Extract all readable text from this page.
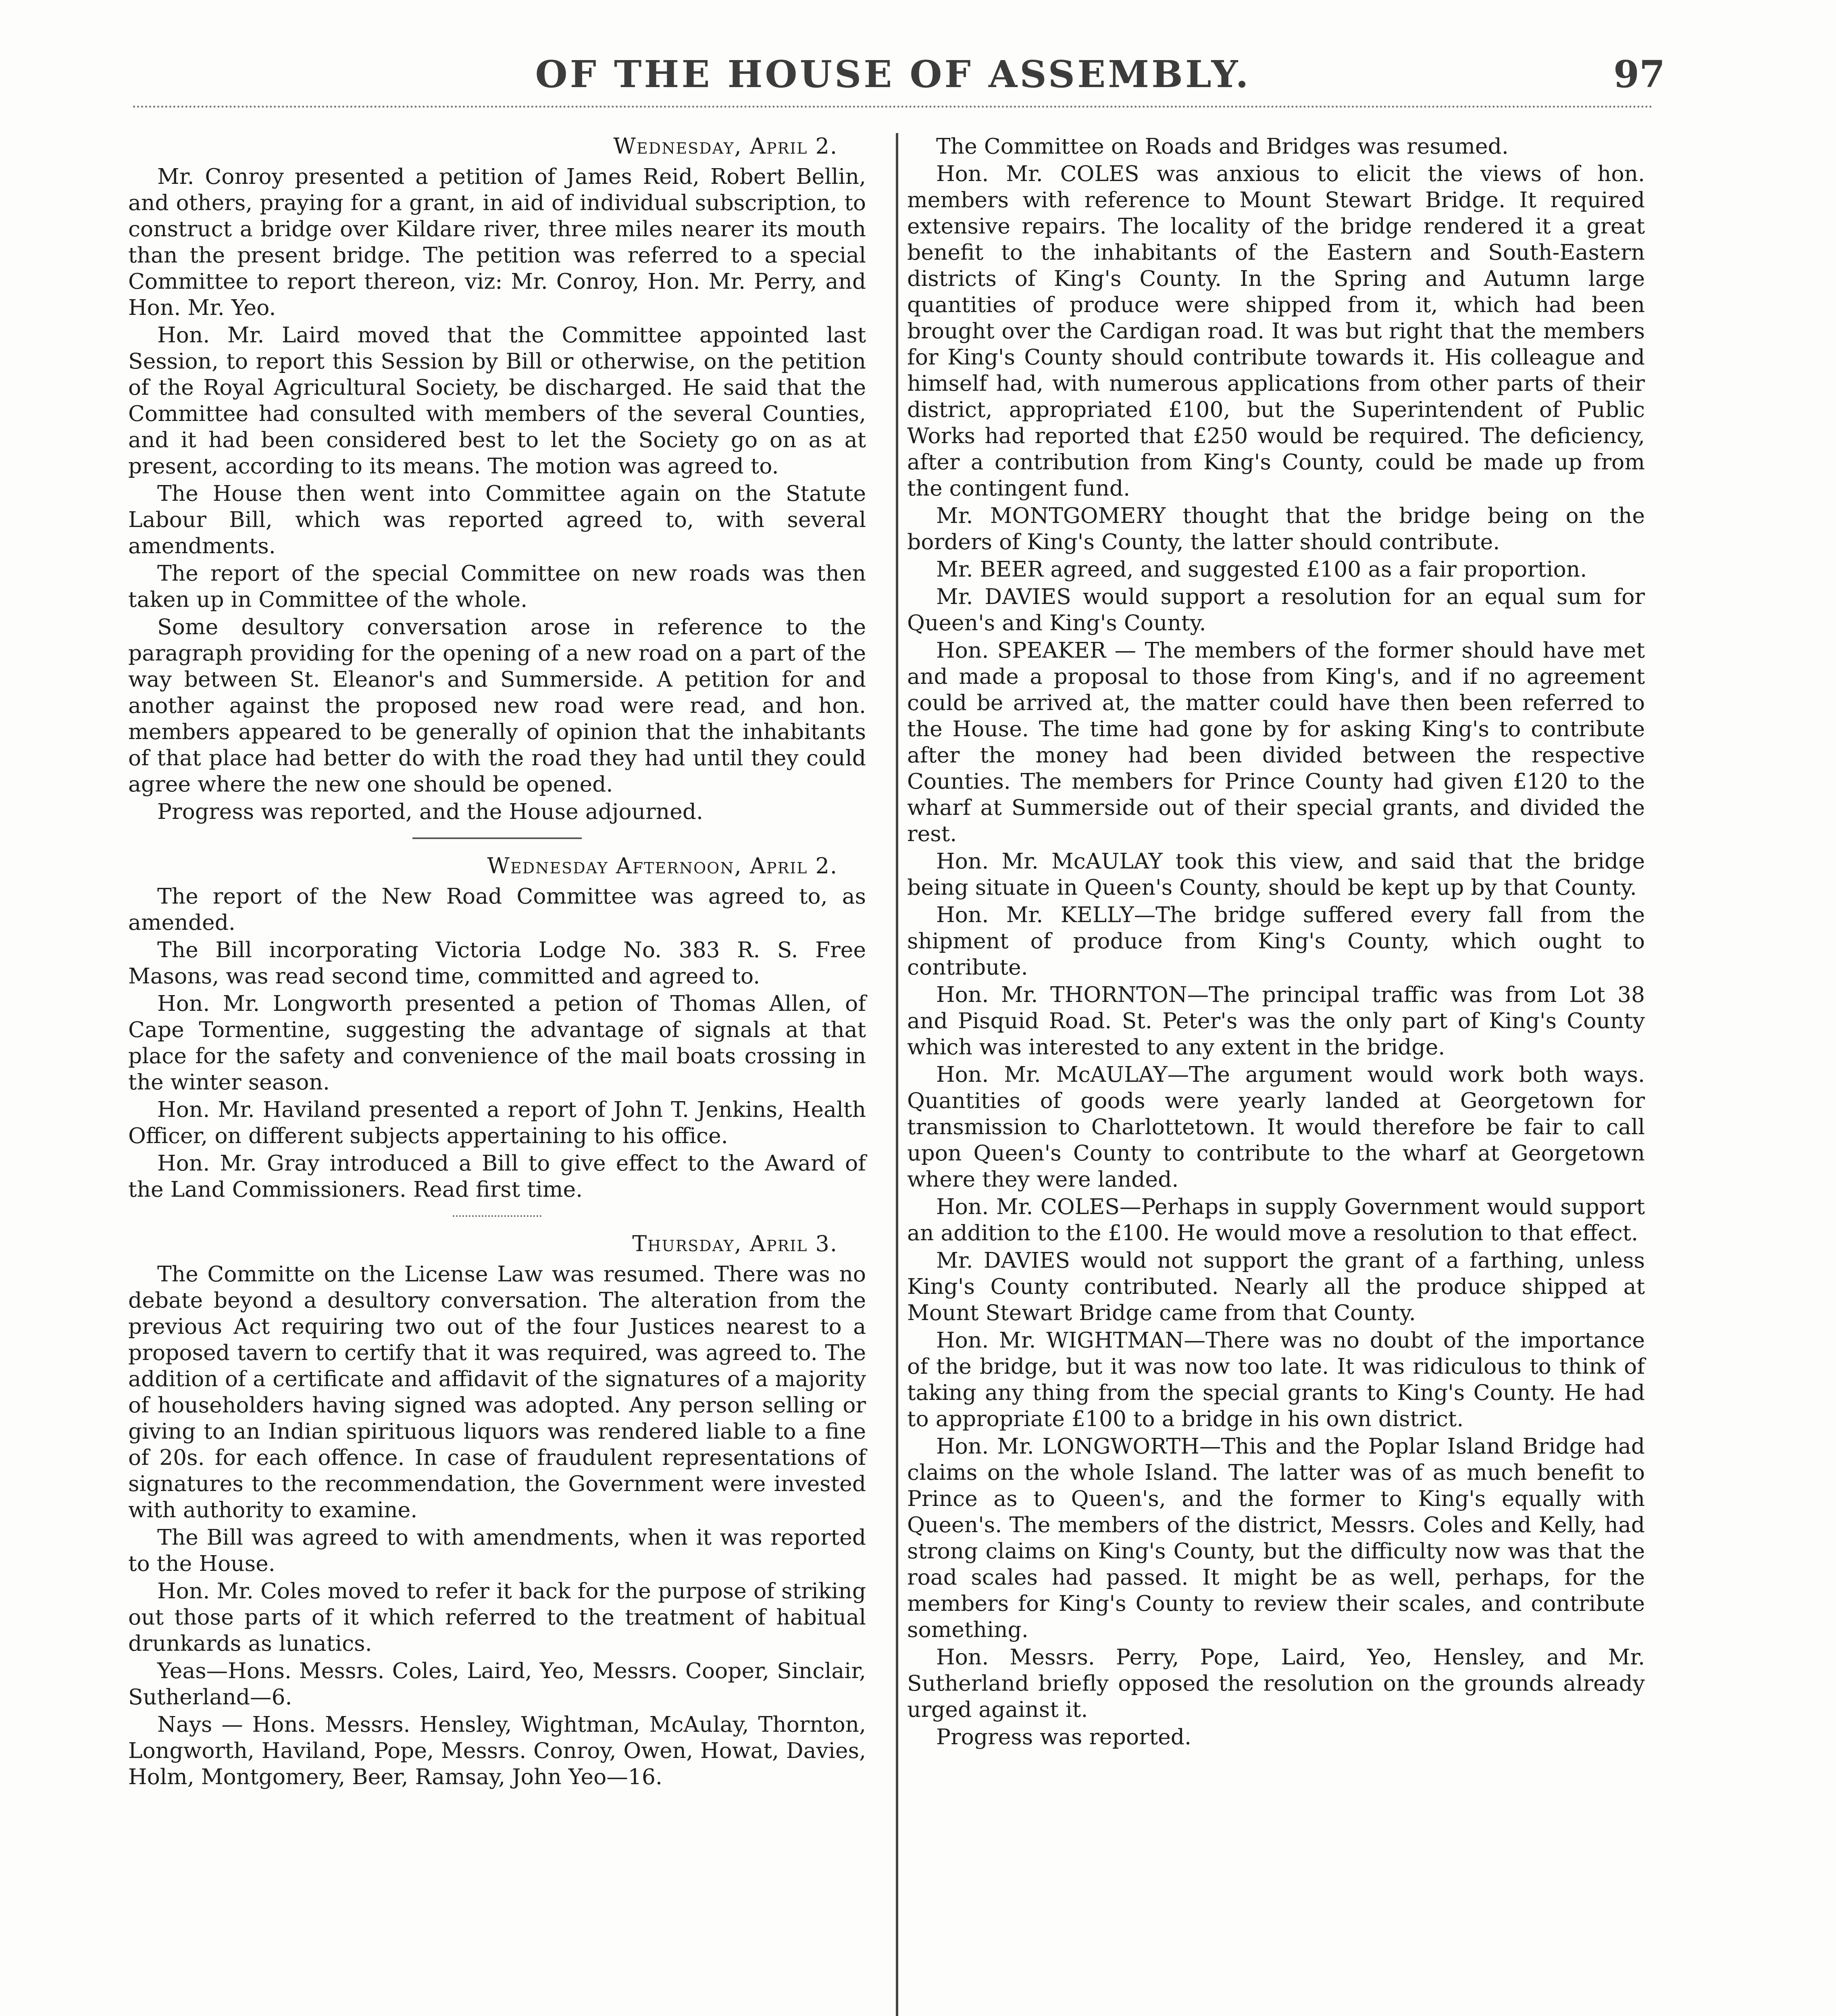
OF THE HOUSE OF ASSEMBLY.	97
Wednesday, April 2.

Mr. Conroy presented a petition of James Reid, Robert Bellin, and others, praying for a grant, in aid of individual subscription, to construct a bridge over Kildare river, three miles nearer its mouth than the present bridge. The petition was referred to a special Committee to report thereon, viz: Mr. Conroy, Hon. Mr. Perry, and Hon. Mr. Yeo.

Hon. Mr. Laird moved that the Committee appointed last Session, to report this Session by Bill or otherwise, on the petition of the Royal Agricultural Society, be discharged. He said that the Committee had consulted with members of the several Counties, and it had been considered best to let the Society go on as at present, according to its means. The motion was agreed to.

The House then went into Committee again on the Statute Labour Bill, which was reported agreed to, with several amendments.

The report of the special Committee on new roads was then taken up in Committee of the whole.

Some desultory conversation arose in reference to the paragraph providing for the opening of a new road on a part of the way between St. Eleanor's and Summerside. A petition for and another against the proposed new road were read, and hon. members appeared to be generally of opinion that the inhabitants of that place had better do with the road they had until they could agree where the new one should be opened.

Progress was reported, and the House adjourned.

Wednesday Afternoon, April 2.

The report of the New Road Committee was agreed to, as amended.

The Bill incorporating Victoria Lodge No. 383 R. S. Free Masons, was read second time, committed and agreed to.

Hon. Mr. Longworth presented a petion of Thomas Allen, of Cape Tormentine, suggesting the advantage of signals at that place for the safety and convenience of the mail boats crossing in the winter season.

Hon. Mr. Haviland presented a report of John T. Jenkins, Health Officer, on different subjects appertaining to his office.

Hon. Mr. Gray introduced a Bill to give effect to the Award of the Land Commissioners. Read first time.

Thursday, April 3.

The Committe on the License Law was resumed. There was no debate beyond a desultory conversation. The alteration from the previous Act requiring two out of the four Justices nearest to a proposed tavern to certify that it was required, was agreed to. The addition of a certificate and affidavit of the signatures of a majority of householders having signed was adopted. Any person selling or giving to an Indian spirituous liquors was rendered liable to a fine of 20s. for each offence. In case of fraudulent representations of signatures to the recommendation, the Government were invested with authority to examine.

The Bill was agreed to with amendments, when it was reported to the House.

Hon. Mr. Coles moved to refer it back for the purpose of striking out those parts of it which referred to the treatment of habitual drunkards as lunatics.

Yeas—Hons. Messrs. Coles, Laird, Yeo, Messrs. Cooper, Sinclair, Sutherland—6.

Nays — Hons. Messrs. Hensley, Wightman, McAulay, Thornton, Longworth, Haviland, Pope, Messrs. Conroy, Owen, Howat, Davies, Holm, Montgomery, Beer, Ramsay, John Yeo—16.

The Committee on Roads and Bridges was resumed.

Hon. Mr. COLES was anxious to elicit the views of hon. members with reference to Mount Stewart Bridge. It required extensive repairs. The locality of the bridge rendered it a great benefit to the inhabitants of the Eastern and South-Eastern districts of King's County. In the Spring and Autumn large quantities of produce were shipped from it, which had been brought over the Cardigan road. It was but right that the members for King's County should contribute towards it. His colleague and himself had, with numerous applications from other parts of their district, appropriated £100, but the Superintendent of Public Works had reported that £250 would be required. The deficiency, after a contribution from King's County, could be made up from the contingent fund.

Mr. MONTGOMERY thought that the bridge being on the borders of King's County, the latter should contribute.

Mr. BEER agreed, and suggested £100 as a fair proportion.

Mr. DAVIES would support a resolution for an equal sum for Queen's and King's County.

Hon. SPEAKER — The members of the former should have met and made a proposal to those from King's, and if no agreement could be arrived at, the matter could have then been referred to the House. The time had gone by for asking King's to contribute after the money had been divided between the respective Counties. The members for Prince County had given £120 to the wharf at Summerside out of their special grants, and divided the rest.

Hon. Mr. McAULAY took this view, and said that the bridge being situate in Queen's County, should be kept up by that County.

Hon. Mr. KELLY—The bridge suffered every fall from the shipment of produce from King's County, which ought to contribute.

Hon. Mr. THORNTON—The principal traffic was from Lot 38 and Pisquid Road. St. Peter's was the only part of King's County which was interested to any extent in the bridge.

Hon. Mr. McAULAY—The argument would work both ways. Quantities of goods were yearly landed at Georgetown for transmission to Charlottetown. It would therefore be fair to call upon Queen's County to contribute to the wharf at Georgetown where they were landed.

Hon. Mr. COLES—Perhaps in supply Government would support an addition to the £100. He would move a resolution to that effect.

Mr. DAVIES would not support the grant of a farthing, unless King's County contributed. Nearly all the produce shipped at Mount Stewart Bridge came from that County.

Hon. Mr. WIGHTMAN—There was no doubt of the importance of the bridge, but it was now too late. It was ridiculous to think of taking any thing from the special grants to King's County. He had to appropriate £100 to a bridge in his own district.

Hon. Mr. LONGWORTH—This and the Poplar Island Bridge had claims on the whole Island. The latter was of as much benefit to Prince as to Queen's, and the former to King's equally with Queen's. The members of the district, Messrs. Coles and Kelly, had strong claims on King's County, but the difficulty now was that the road scales had passed. It might be as well, perhaps, for the members for King's County to review their scales, and contribute something.

Hon. Messrs. Perry, Pope, Laird, Yeo, Hensley, and Mr. Sutherland briefly opposed the resolution on the grounds already urged against it.

Progress was reported.
